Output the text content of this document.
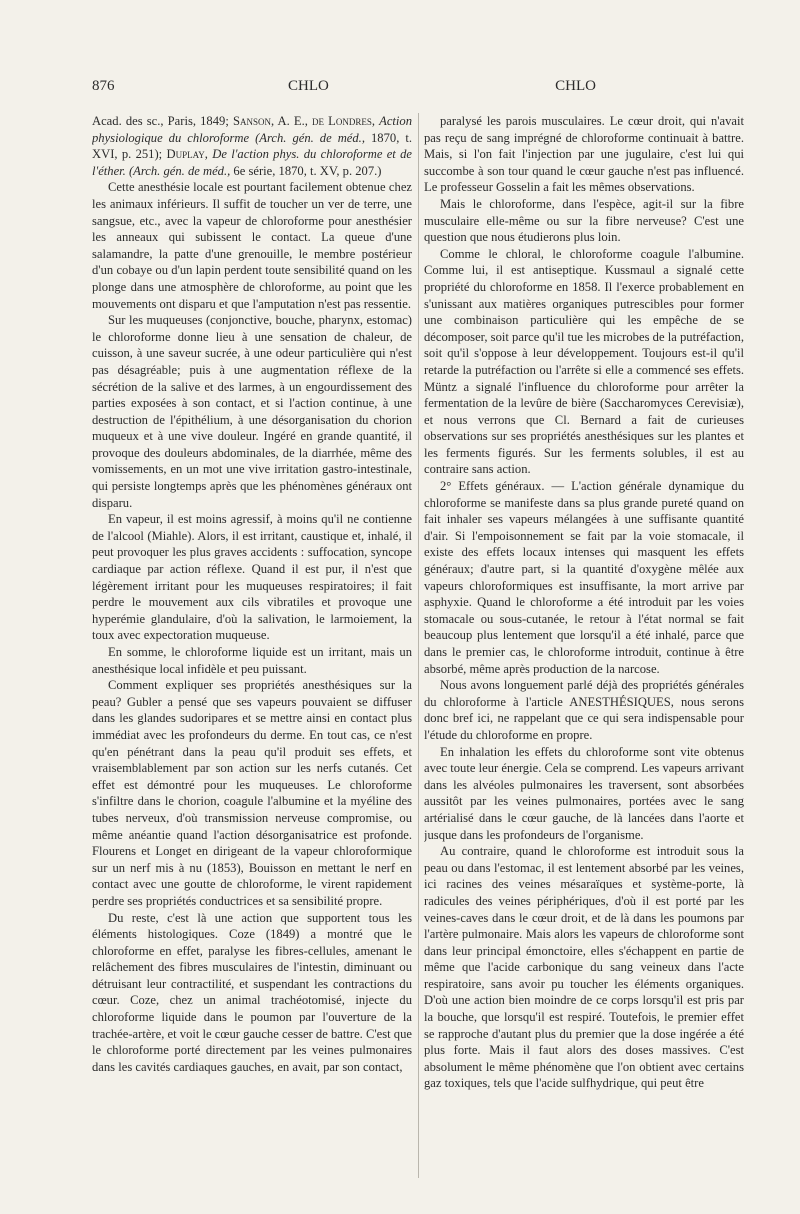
876	CHLO	CHLO

Acad. des sc., Paris, 1849; Sanson, A. E., de Londres, Action physiologique du chloroforme (Arch. gén. de méd., 1870, t. XVI, p. 251); Duplay, De l'action phys. du chloroforme et de l'éther. (Arch. gén. de méd., 6e série, 1870, t. XV, p. 207.)

Cette anesthésie locale est pourtant facilement obtenue chez les animaux inférieurs. Il suffit de toucher un ver de terre, une sangsue, etc., avec la vapeur de chloroforme pour anesthésier les anneaux qui subissent le contact. La queue d'une salamandre, la patte d'une grenouille, le membre postérieur d'un cobaye ou d'un lapin perdent toute sensibilité quand on les plonge dans une atmosphère de chloroforme, au point que les mouvements ont disparu et que l'amputation n'est pas ressentie.

Sur les muqueuses (conjonctive, bouche, pharynx, estomac) le chloroforme donne lieu à une sensation de chaleur, de cuisson, à une saveur sucrée, à une odeur particulière qui n'est pas désagréable; puis à une augmentation réflexe de la sécrétion de la salive et des larmes, à un engourdissement des parties exposées à son contact, et si l'action continue, à une destruction de l'épithélium, à une désorganisation du chorion muqueux et à une vive douleur. Ingéré en grande quantité, il provoque des douleurs abdominales, de la diarrhée, même des vomissements, en un mot une vive irritation gastro-intestinale, qui persiste longtemps après que les phénomènes généraux ont disparu.

En vapeur, il est moins agressif, à moins qu'il ne contienne de l'alcool (Miahle). Alors, il est irritant, caustique et, inhalé, il peut provoquer les plus graves accidents : suffocation, syncope cardiaque par action réflexe. Quand il est pur, il n'est que légèrement irritant pour les muqueuses respiratoires; il fait perdre le mouvement aux cils vibratiles et provoque une hyperémie glandulaire, d'où la salivation, le larmoiement, la toux avec expectoration muqueuse.

En somme, le chloroforme liquide est un irritant, mais un anesthésique local infidèle et peu puissant.

Comment expliquer ses propriétés anesthésiques sur la peau? Gubler a pensé que ses vapeurs pouvaient se diffuser dans les glandes sudoripares et se mettre ainsi en contact plus immédiat avec les profondeurs du derme. En tout cas, ce n'est qu'en pénétrant dans la peau qu'il produit ses effets, et vraisemblablement par son action sur les nerfs cutanés. Cet effet est démontré pour les muqueuses. Le chloroforme s'infiltre dans le chorion, coagule l'albumine et la myéline des tubes nerveux, d'où transmission nerveuse compromise, ou même anéantie quand l'action désorganisatrice est profonde. Flourens et Longet en dirigeant de la vapeur chloroformique sur un nerf mis à nu (1853), Bouisson en mettant le nerf en contact avec une goutte de chloroforme, le virent rapidement perdre ses propriétés conductrices et sa sensibilité propre.

Du reste, c'est là une action que supportent tous les éléments histologiques. Coze (1849) a montré que le chloroforme en effet, paralyse les fibres-cellules, amenant le relâchement des fibres musculaires de l'intestin, diminuant ou détruisant leur contractilité, et suspendant les contractions du cœur. Coze, chez un animal trachéotomisé, injecte du chloroforme liquide dans le poumon par l'ouverture de la trachée-artère, et voit le cœur gauche cesser de battre. C'est que le chloroforme porté directement par les veines pulmonaires dans les cavités cardiaques gauches, en avait, par son contact,

paralysé les parois musculaires. Le cœur droit, qui n'avait pas reçu de sang imprégné de chloroforme continuait à battre. Mais, si l'on fait l'injection par une jugulaire, c'est lui qui succombe à son tour quand le cœur gauche n'est pas influencé. Le professeur Gosselin a fait les mêmes observations.

Mais le chloroforme, dans l'espèce, agit-il sur la fibre musculaire elle-même ou sur la fibre nerveuse? C'est une question que nous étudierons plus loin.

Comme le chloral, le chloroforme coagule l'albumine. Comme lui, il est antiseptique. Kussmaul a signalé cette propriété du chloroforme en 1858. Il l'exerce probablement en s'unissant aux matières organiques putrescibles pour former une combinaison particulière qui les empêche de se décomposer, soit parce qu'il tue les microbes de la putréfaction, soit qu'il s'oppose à leur développement. Toujours est-il qu'il retarde la putréfaction ou l'arrête si elle a commencé ses effets. Müntz a signalé l'influence du chloroforme pour arrêter la fermentation de la levûre de bière (Saccharomyces Cerevisiæ), et nous verrons que Cl. Bernard a fait de curieuses observations sur ses propriétés anesthésiques sur les plantes et les ferments figurés. Sur les ferments solubles, il est au contraire sans action.

2° Effets généraux. — L'action générale dynamique du chloroforme se manifeste dans sa plus grande pureté quand on fait inhaler ses vapeurs mélangées à une suffisante quantité d'air. Si l'empoisonnement se fait par la voie stomacale, il existe des effets locaux intenses qui masquent les effets généraux; d'autre part, si la quantité d'oxygène mêlée aux vapeurs chloroformiques est insuffisante, la mort arrive par asphyxie. Quand le chloroforme a été introduit par les voies stomacale ou sous-cutanée, le retour à l'état normal se fait beaucoup plus lentement que lorsqu'il a été inhalé, parce que dans le premier cas, le chloroforme introduit, continue à être absorbé, même après production de la narcose.

Nous avons longuement parlé déjà des propriétés générales du chloroforme à l'article ANESTHÉSIQUES, nous serons donc bref ici, ne rappelant que ce qui sera indispensable pour l'étude du chloroforme en propre.

En inhalation les effets du chloroforme sont vite obtenus avec toute leur énergie. Cela se comprend. Les vapeurs arrivant dans les alvéoles pulmonaires les traversent, sont absorbées aussitôt par les veines pulmonaires, portées avec le sang artérialisé dans le cœur gauche, de là lancées dans l'aorte et jusque dans les profondeurs de l'organisme.

Au contraire, quand le chloroforme est introduit sous la peau ou dans l'estomac, il est lentement absorbé par les veines, ici racines des veines mésaraïques et système-porte, là radicules des veines périphériques, d'où il est porté par les veines-caves dans le cœur droit, et de là dans les poumons par l'artère pulmonaire. Mais alors les vapeurs de chloroforme sont dans leur principal émonctoire, elles s'échappent en partie de même que l'acide carbonique du sang veineux dans l'acte respiratoire, sans avoir pu toucher les éléments organiques. D'où une action bien moindre de ce corps lorsqu'il est pris par la bouche, que lorsqu'il est respiré. Toutefois, le premier effet se rapproche d'autant plus du premier que la dose ingérée a été plus forte. Mais il faut alors des doses massives. C'est absolument le même phénomène que l'on obtient avec certains gaz toxiques, tels que l'acide sulfhydrique, qui peut être
